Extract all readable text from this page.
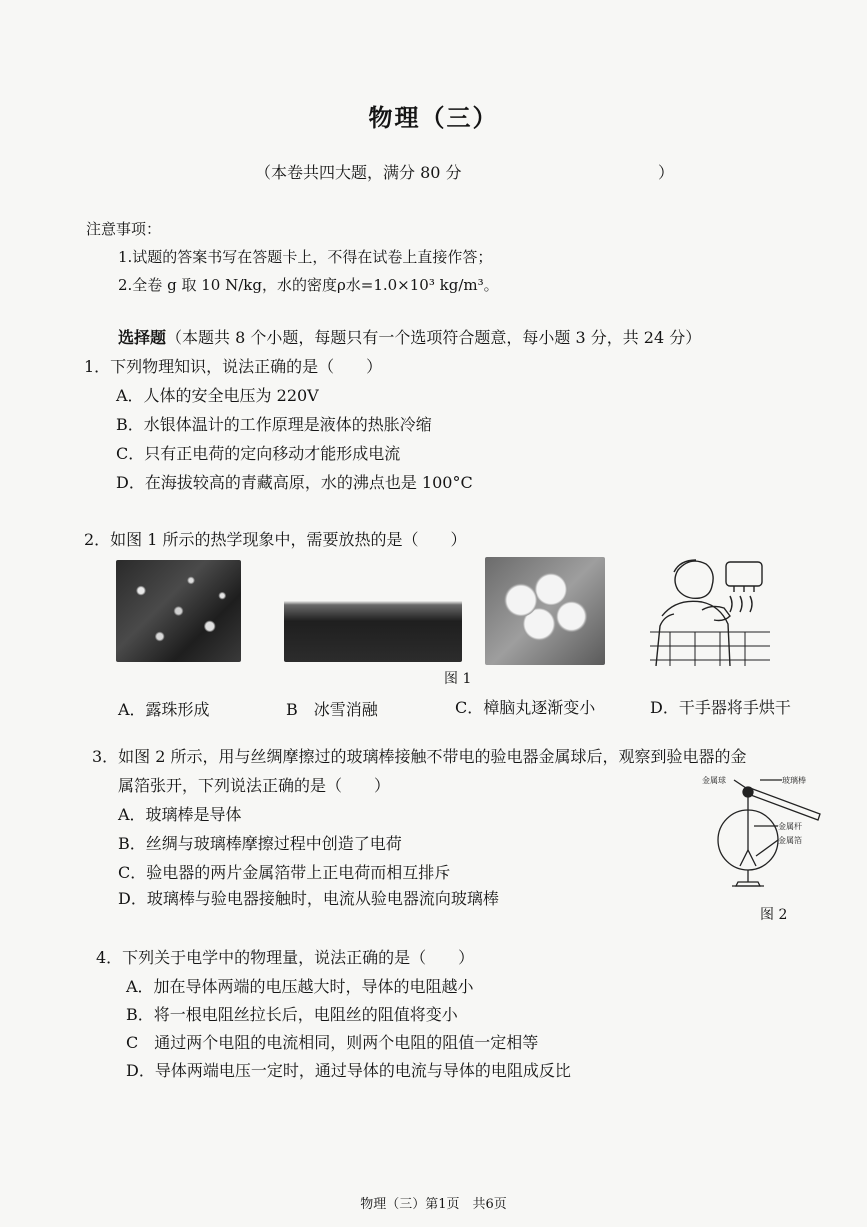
物理（三）
（本卷共四大题，满分 80 分	）
注意事项：
1.试题的答案书写在答题卡上，不得在试卷上直接作答；
2.全卷 g 取 10 N/kg，水的密度ρ水=1.0×10³ kg/m³。
选择题（本题共 8 个小题，每题只有一个选项符合题意，每小题 3 分，共 24 分）
1．下列物理知识，说法正确的是（　　）
A．人体的安全电压为 220V
B．水银体温计的工作原理是液体的热胀冷缩
C．只有正电荷的定向移动才能形成电流
D．在海拔较高的青藏高原，水的沸点也是 100°C
2．如图 1 所示的热学现象中，需要放热的是（　　）
图 1
A．露珠形成	B　冰雪消融	C．樟脑丸逐渐变小	D．干手器将手烘干
3．如图 2 所示，用与丝绸摩擦过的玻璃棒接触不带电的验电器金属球后，观察到验电器的金
属箔张开，下列说法正确的是（　　）
A．玻璃棒是导体
B．丝绸与玻璃棒摩擦过程中创造了电荷
C．验电器的两片金属箔带上正电荷而相互排斥
D．玻璃棒与验电器接触时，电流从验电器流向玻璃棒
金属球	玻璃棒
金属杆
金属箔
图 2
4．下列关于电学中的物理量，说法正确的是（　　）
A．加在导体两端的电压越大时，导体的电阻越小
B．将一根电阻丝拉长后，电阻丝的阻值将变小
C　通过两个电阻的电流相同，则两个电阻的阻值一定相等
D．导体两端电压一定时，通过导体的电流与导体的电阻成反比
物理（三）第1页　共6页
